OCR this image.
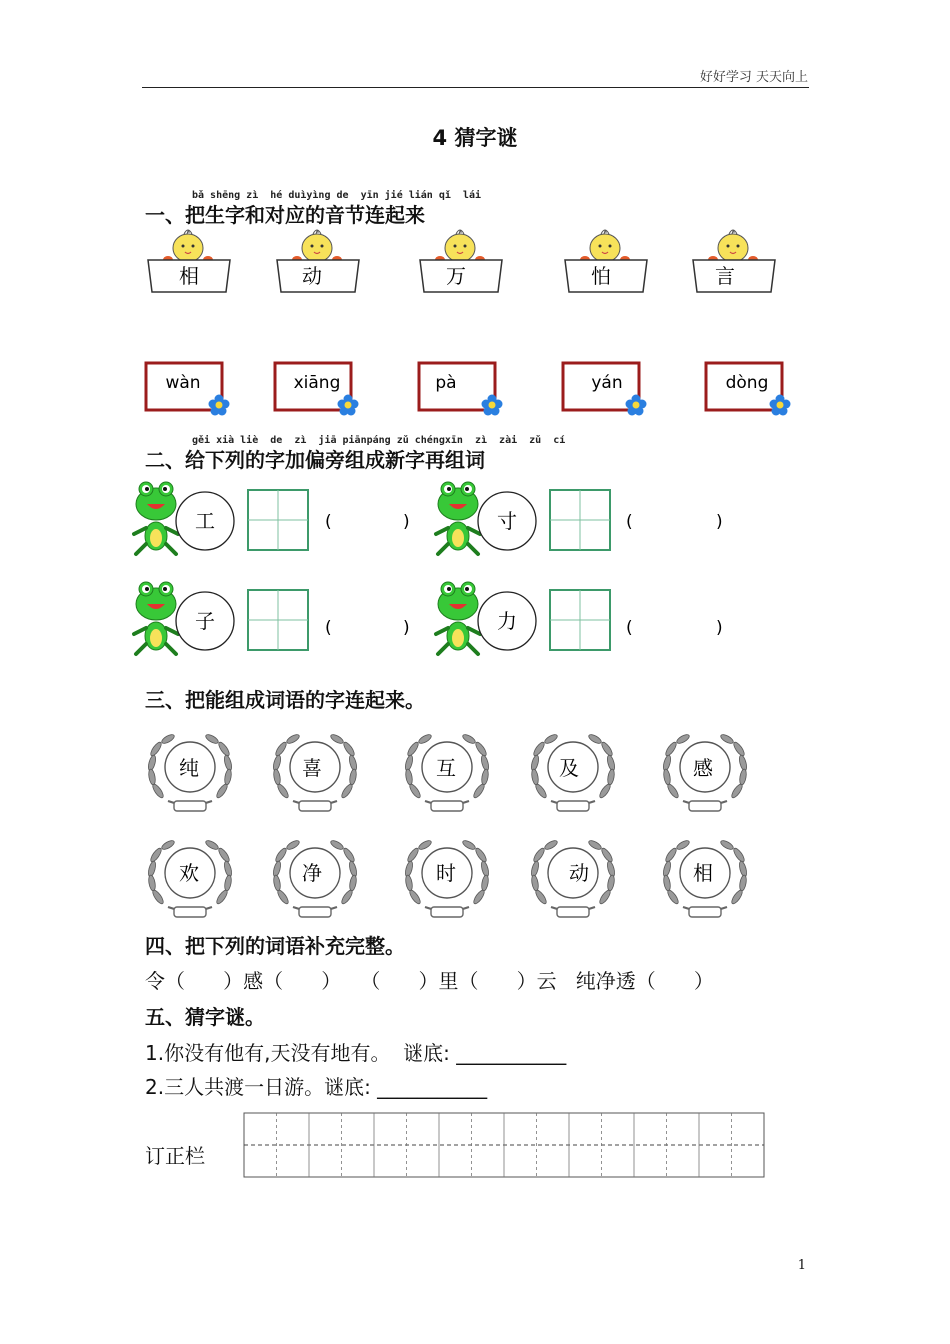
好好学习 天天向上
4 猜字谜
bǎ shēng zì  hé duìyìng de  yīn jié lián qǐ  lái
一、把生字和对应的音节连起来
相	动	万	怕	言
wàn	xiāng	pà	yán	dòng
gěi xià liè  de  zì  jiā piānpáng zǔ chéngxīn  zì  zài  zǔ  cí
二、给下列的字加偏旁组成新字再组词
工	(	)	寸	(	)
子	(	)	力	(	)
三、把能组成词语的字连起来。
纯	喜	互	及	感
欢	净	时	动	相
四、把下列的词语补充完整。
令（      ）感（      ）   （      ）里（      ）云   纯净透（      ）
五、猜字谜。
1.你没有他有,天没有地有。  谜底: ___________
2.三人共渡一日游。谜底: ___________
订正栏
1
